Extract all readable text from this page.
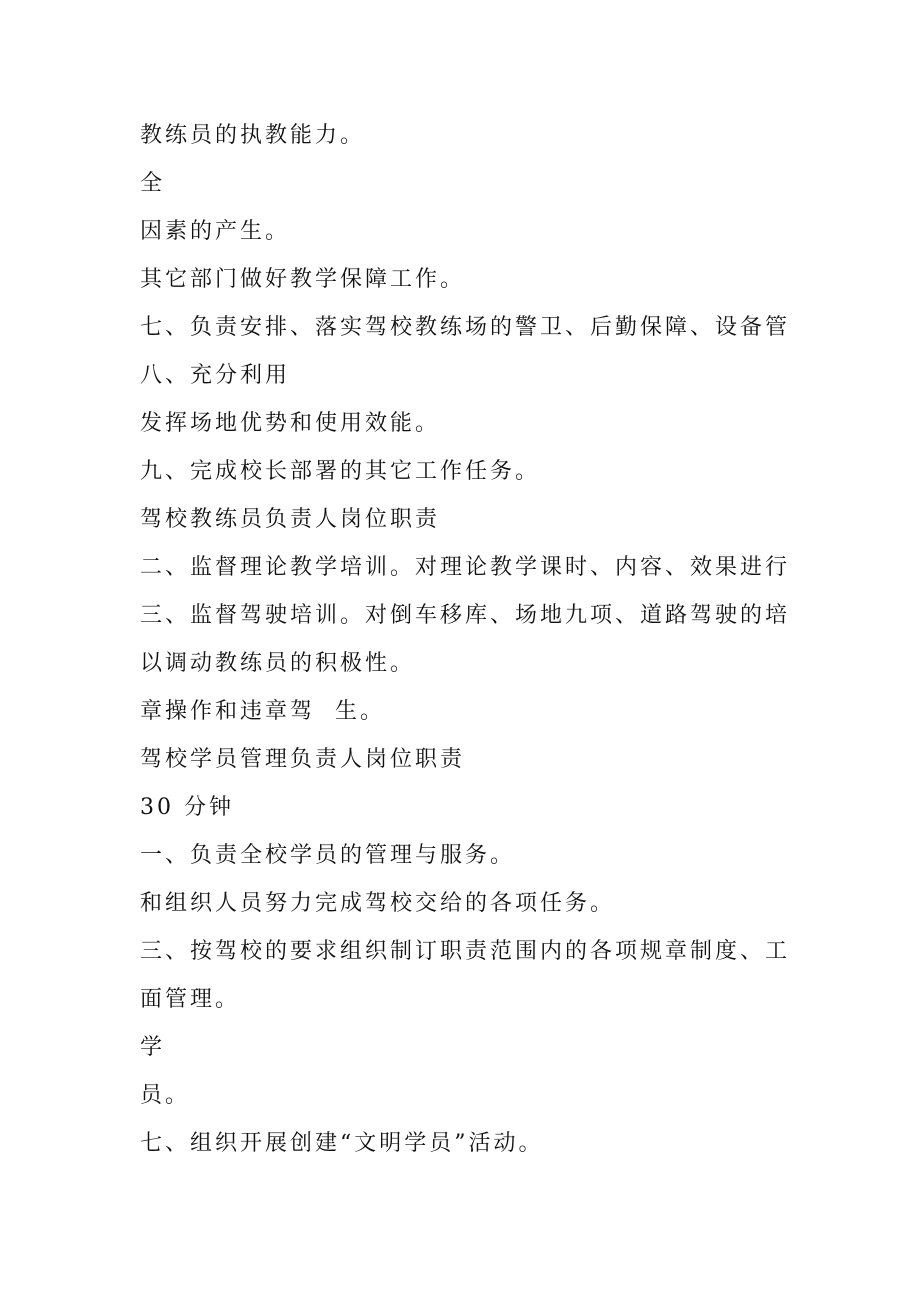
教练员的执教能力。
全
因素的产生。
其它部门做好教学保障工作。
七、负责安排、落实驾校教练场的警卫、后勤保障、设备管
八、充分利用
发挥场地优势和使用效能。
九、完成校长部署的其它工作任务。
驾校教练员负责人岗位职责
二、监督理论教学培训。对理论教学课时、内容、效果进行
三、监督驾驶培训。对倒车移库、场地九项、道路驾驶的培
以调动教练员的积极性。
章操作和违章驾  生。
驾校学员管理负责人岗位职责
30 分钟
一、负责全校学员的管理与服务。
和组织人员努力完成驾校交给的各项任务。
三、按驾校的要求组织制订职责范围内的各项规章制度、工
面管理。
学
员。
七、组织开展创建“文明学员”活动。
